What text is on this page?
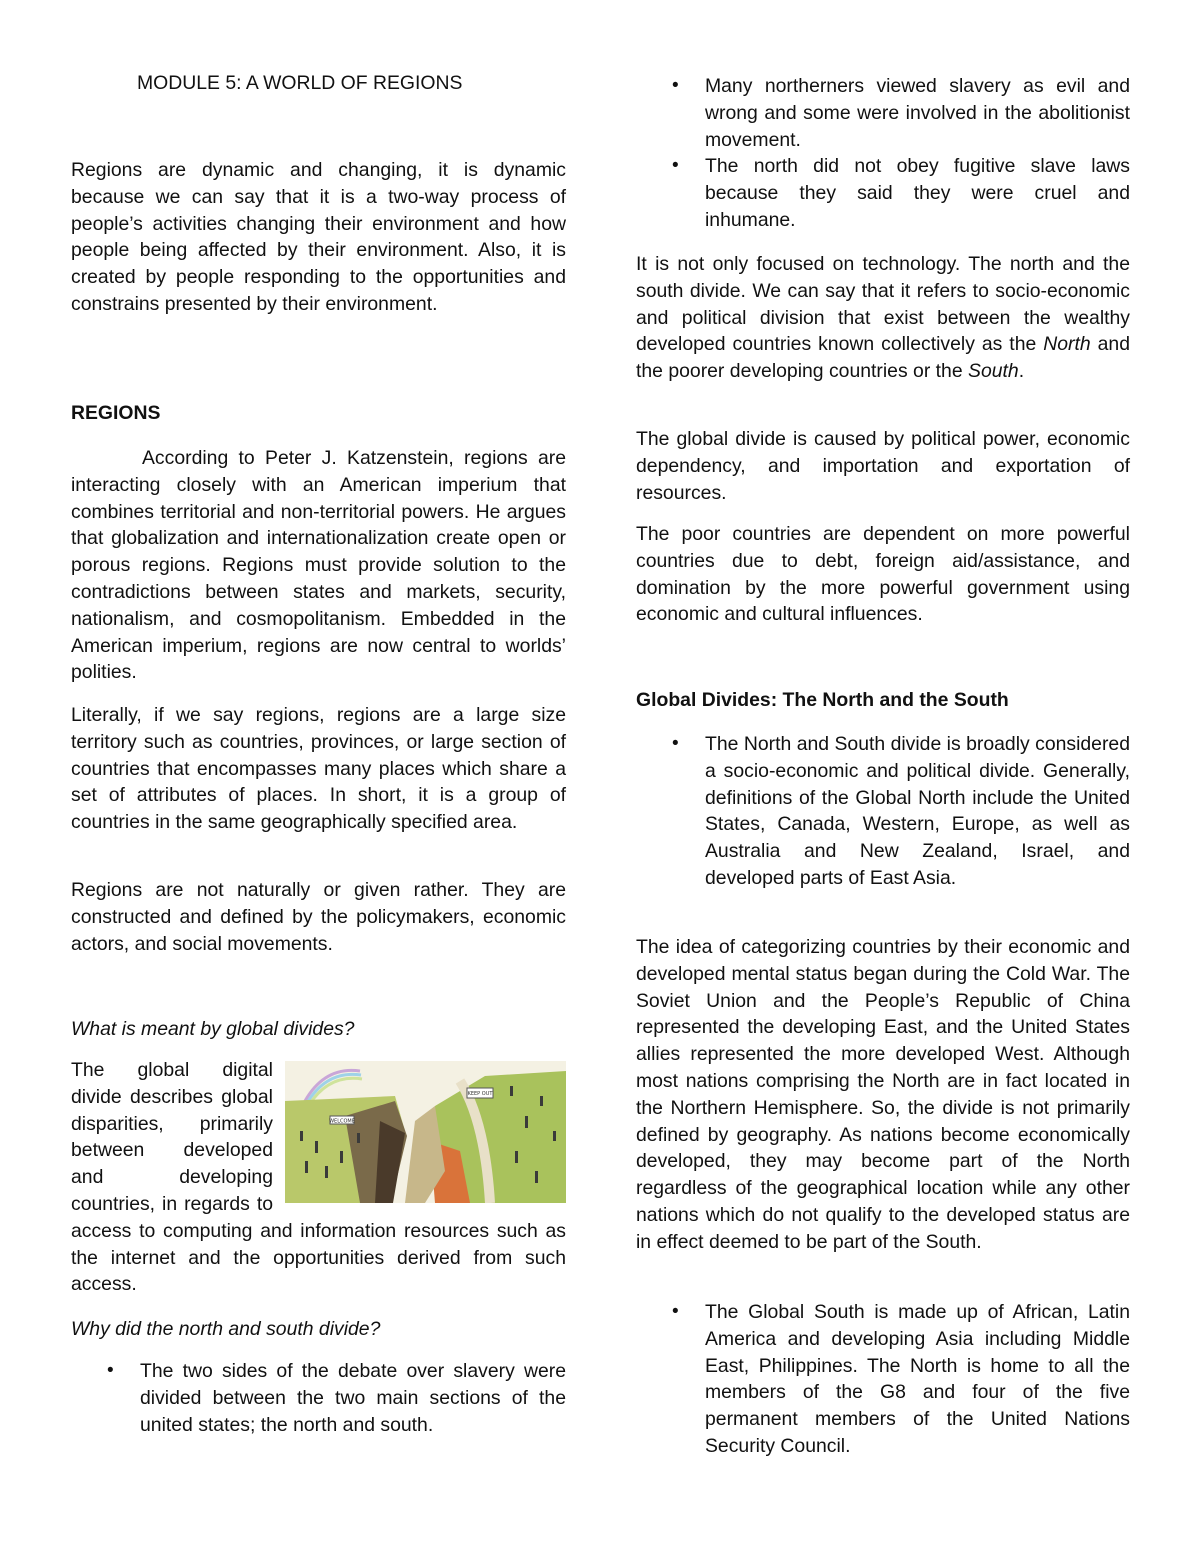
MODULE 5: A WORLD OF REGIONS

Regions are dynamic and changing, it is dynamic because we can say that it is a two-way process of people’s activities changing their environment and how people being affected by their environment. Also, it is created by people responding to the opportunities and constrains presented by their environment.

REGIONS

According to Peter J. Katzenstein, regions are interacting closely with an American imperium that combines territorial and non-territorial powers. He argues that globalization and internationalization create open or porous regions. Regions must provide solution to the contradictions between states and markets, security, nationalism, and cosmopolitanism. Embedded in the American imperium, regions are now central to worlds’ polities.

Literally, if we say regions, regions are a large size territory such as countries, provinces, or large section of countries that encompasses many places which share a set of attributes of places. In short, it is a group of countries in the same geographically specified area.

Regions are not naturally or given rather. They are constructed and defined by the policymakers, economic actors, and social movements.

What is meant by global divides?

WELCOME
KEEP OUT

The global digital divide describes global disparities, primarily between developed and developing countries, in regards to access to computing and information resources such as the internet and the opportunities derived from such access.

Why did the north and south divide?

• The two sides of the debate over slavery were divided between the two main sections of the united states; the north and south.
• Many northerners viewed slavery as evil and wrong and some were involved in the abolitionist movement.
• The north did not obey fugitive slave laws because they said they were cruel and inhumane.

It is not only focused on technology. The north and the south divide. We can say that it refers to socio-economic and political division that exist between the wealthy developed countries known collectively as the North and the poorer developing countries or the South.

The global divide is caused by political power, economic dependency, and importation and exportation of resources.

The poor countries are dependent on more powerful countries due to debt, foreign aid/assistance, and domination by the more powerful government using economic and cultural influences.

Global Divides: The North and the South

• The North and South divide is broadly considered a socio-economic and political divide. Generally, definitions of the Global North include the United States, Canada, Western, Europe, as well as Australia and New Zealand, Israel, and developed parts of East Asia.

The idea of categorizing countries by their economic and developed mental status began during the Cold War. The Soviet Union and the People’s Republic of China represented the developing East, and the United States allies represented the more developed West. Although most nations comprising the North are in fact located in the Northern Hemisphere. So, the divide is not primarily defined by geography. As nations become economically developed, they may become part of the North regardless of the geographical location while any other nations which do not qualify to the developed status are in effect deemed to be part of the South.

• The Global South is made up of African, Latin America and developing Asia including Middle East, Philippines. The North is home to all the members of the G8 and four of the five permanent members of the United Nations Security Council.
